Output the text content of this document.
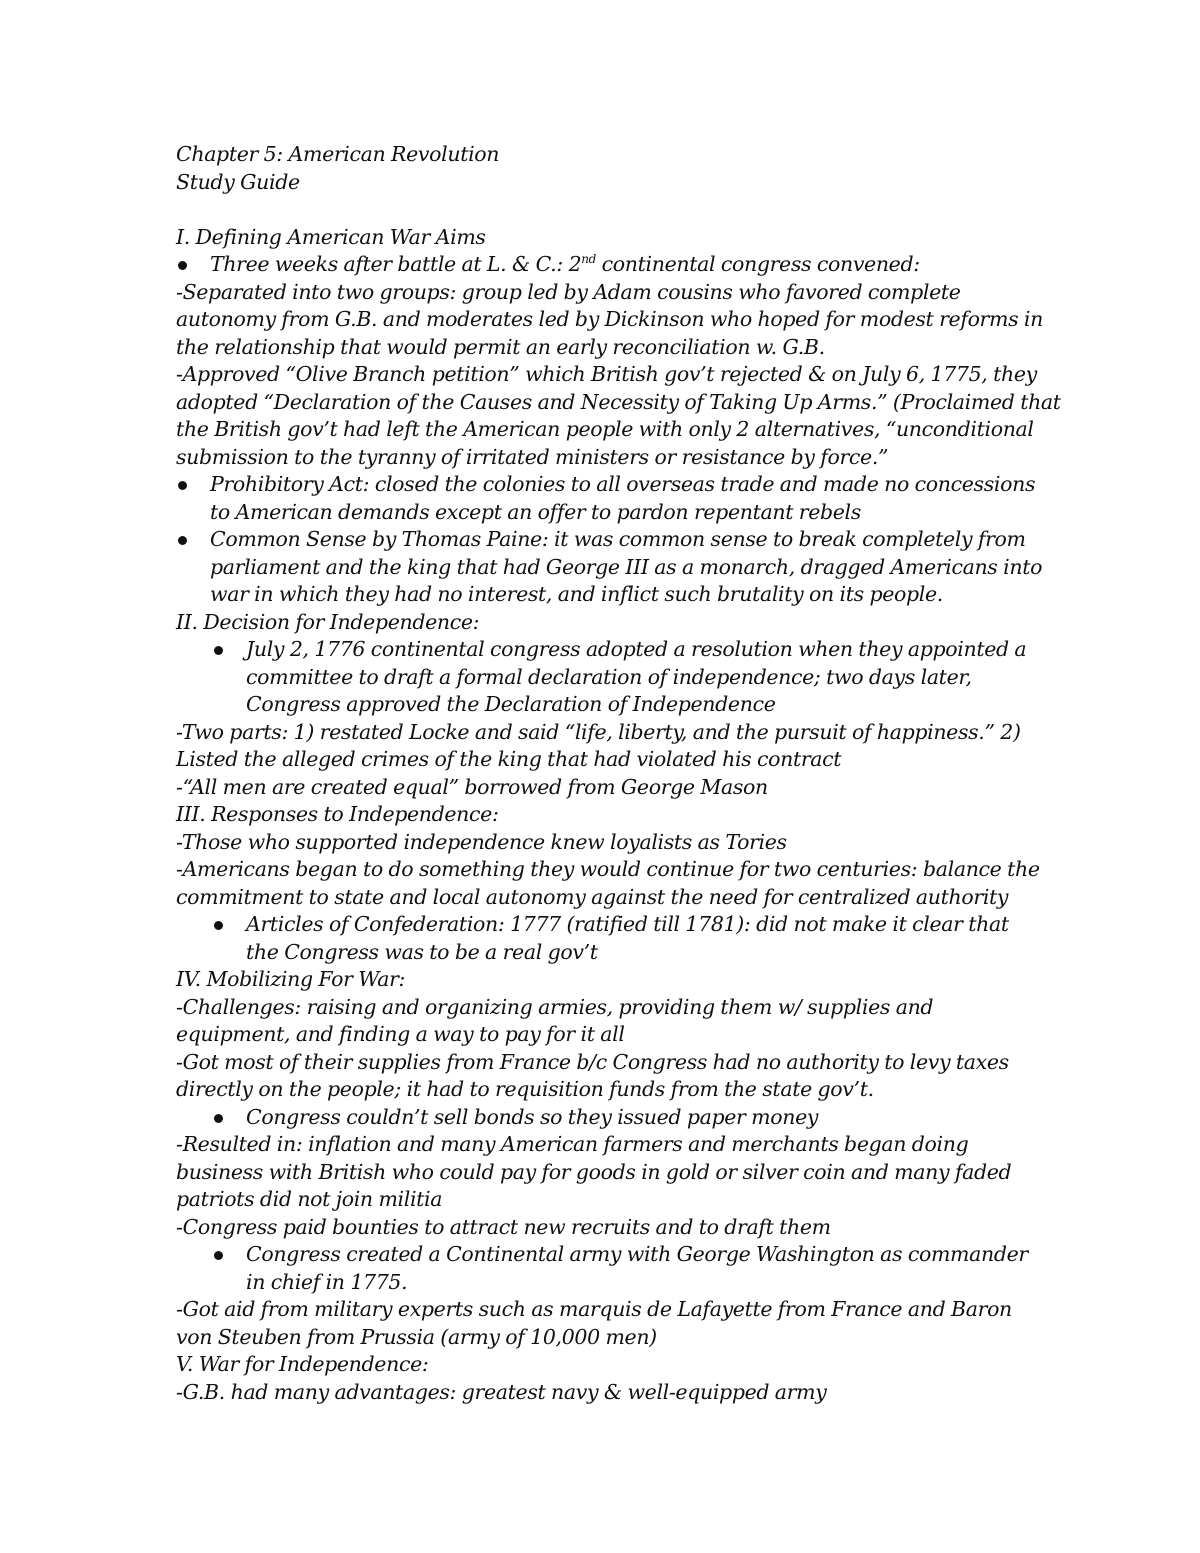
Chapter 5: American Revolution
Study Guide
I. Defining American War Aims
Three weeks after battle at L. & C.: 2nd continental congress convened:
-Separated into two groups: group led by Adam cousins who favored complete
autonomy from G.B. and moderates led by Dickinson who hoped for modest reforms in
the relationship that would permit an early reconciliation w. G.B.
-Approved “Olive Branch petition” which British gov’t rejected & on July 6, 1775, they
adopted “Declaration of the Causes and Necessity of Taking Up Arms.” (Proclaimed that
the British gov’t had left the American people with only 2 alternatives, “unconditional
submission to the tyranny of irritated ministers or resistance by force.”
Prohibitory Act: closed the colonies to all overseas trade and made no concessions
to American demands except an offer to pardon repentant rebels
Common Sense by Thomas Paine: it was common sense to break completely from
parliament and the king that had George III as a monarch, dragged Americans into
war in which they had no interest, and inflict such brutality on its people.
II. Decision for Independence:
July 2, 1776 continental congress adopted a resolution when they appointed a
committee to draft a formal declaration of independence; two days later,
Congress approved the Declaration of Independence
-Two parts: 1) restated Locke and said “life, liberty, and the pursuit of happiness.” 2)
Listed the alleged crimes of the king that had violated his contract
-“All men are created equal” borrowed from George Mason
III. Responses to Independence:
-Those who supported independence knew loyalists as Tories
-Americans began to do something they would continue for two centuries: balance the
commitment to state and local autonomy against the need for centralized authority
Articles of Confederation: 1777 (ratified till 1781): did not make it clear that
the Congress was to be a real gov’t
IV. Mobilizing For War:
-Challenges: raising and organizing armies, providing them w/ supplies and
equipment, and finding a way to pay for it all
-Got most of their supplies from France b/c Congress had no authority to levy taxes
directly on the people; it had to requisition funds from the state gov’t.
Congress couldn’t sell bonds so they issued paper money
-Resulted in: inflation and many American farmers and merchants began doing
business with British who could pay for goods in gold or silver coin and many faded
patriots did not join militia
-Congress paid bounties to attract new recruits and to draft them
Congress created a Continental army with George Washington as commander
in chief in 1775.
-Got aid from military experts such as marquis de Lafayette from France and Baron
von Steuben from Prussia (army of 10,000 men)
V. War for Independence:
-G.B. had many advantages: greatest navy & well-equipped army
